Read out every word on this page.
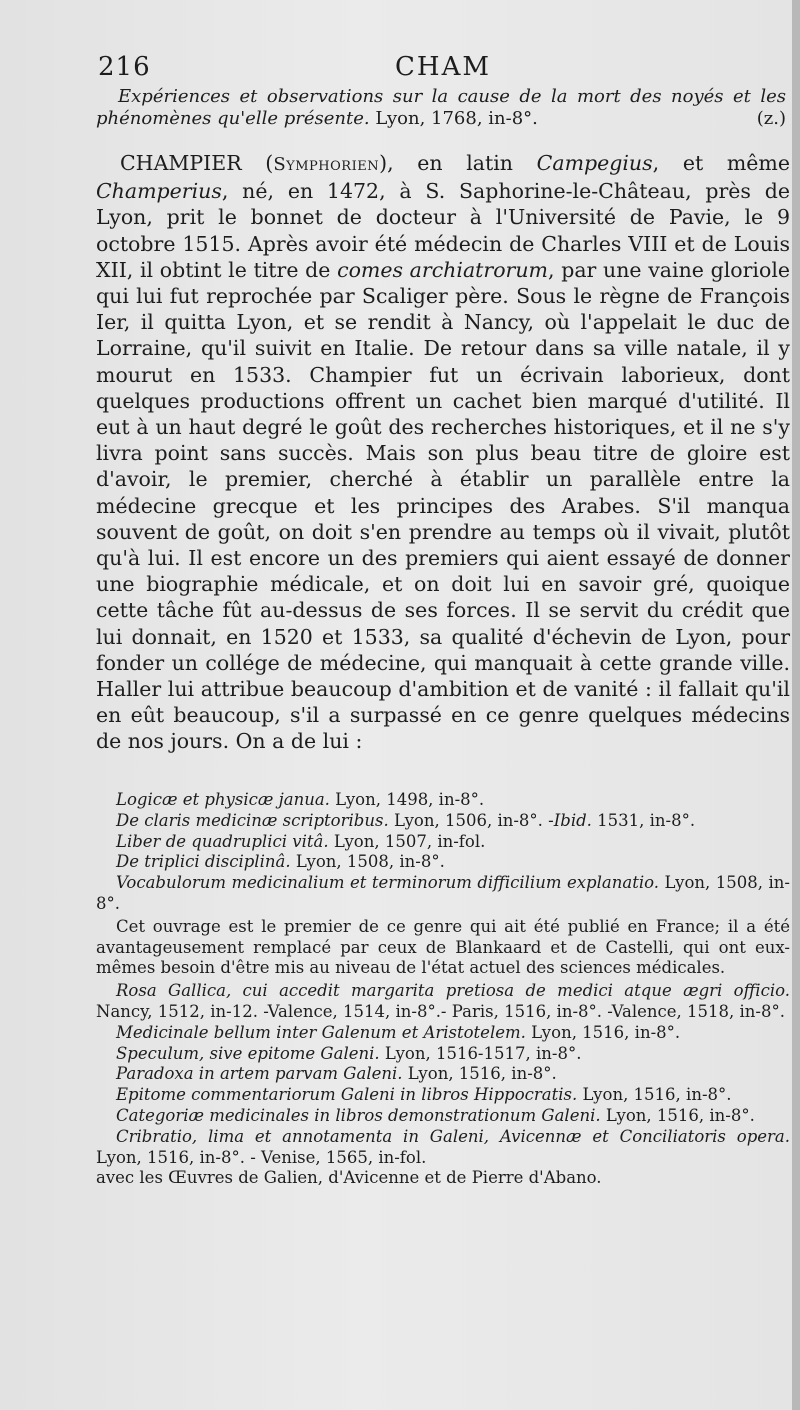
216	CHAM
Expériences et observations sur la cause de la mort des noyés et les phénomènes qu'elle présente. Lyon, 1768, in-8°.	(z.)

CHAMPIER (Symphorien), en latin Campegius, et même Champerius, né, en 1472, à S. Saphorine-le-Château, près de Lyon, prit le bonnet de docteur à l'Université de Pavie, le 9 octobre 1515. Après avoir été médecin de Charles VIII et de Louis XII, il obtint le titre de comes archiatrorum, par une vaine gloriole qui lui fut reprochée par Scaliger père. Sous le règne de François Ier, il quitta Lyon, et se rendit à Nancy, où l'appelait le duc de Lorraine, qu'il suivit en Italie. De retour dans sa ville natale, il y mourut en 1533. Champier fut un écrivain laborieux, dont quelques productions offrent un cachet bien marqué d'utilité. Il eut à un haut degré le goût des recherches historiques, et il ne s'y livra point sans succès. Mais son plus beau titre de gloire est d'avoir, le premier, cherché à établir un parallèle entre la médecine grecque et les principes des Arabes. S'il manqua souvent de goût, on doit s'en prendre au temps où il vivait, plutôt qu'à lui. Il est encore un des premiers qui aient essayé de donner une biographie médicale, et on doit lui en savoir gré, quoique cette tâche fût au-dessus de ses forces. Il se servit du crédit que lui donnait, en 1520 et 1533, sa qualité d'échevin de Lyon, pour fonder un collége de médecine, qui manquait à cette grande ville. Haller lui attribue beaucoup d'ambition et de vanité : il fallait qu'il en eût beaucoup, s'il a surpassé en ce genre quelques médecins de nos jours. On a de lui :

Logicæ et physicæ janua. Lyon, 1498, in-8°.

De claris medicinæ scriptoribus. Lyon, 1506, in-8°. -Ibid. 1531, in-8°.

Liber de quadruplici vitâ. Lyon, 1507, in-fol.

De triplici disciplinâ. Lyon, 1508, in-8°.

Vocabulorum medicinalium et terminorum difficilium explanatio. Lyon, 1508, in-8°.

Cet ouvrage est le premier de ce genre qui ait été publié en France; il a été avantageusement remplacé par ceux de Blankaard et de Castelli, qui ont eux-mêmes besoin d'être mis au niveau de l'état actuel des sciences médicales.

Rosa Gallica, cui accedit margarita pretiosa de medici atque ægri officio. Nancy, 1512, in-12. -Valence, 1514, in-8°.- Paris, 1516, in-8°. -Valence, 1518, in-8°.

Medicinale bellum inter Galenum et Aristotelem. Lyon, 1516, in-8°.

Speculum, sive epitome Galeni. Lyon, 1516-1517, in-8°.

Paradoxa in artem parvam Galeni. Lyon, 1516, in-8°.

Epitome commentariorum Galeni in libros Hippocratis. Lyon, 1516, in-8°.

Categoriæ medicinales in libros demonstrationum Galeni. Lyon, 1516, in-8°.

Cribratio, lima et annotamenta in Galeni, Avicennæ et Conciliatoris opera. Lyon, 1516, in-8°. - Venise, 1565, in-fol.

avec les Œuvres de Galien, d'Avicenne et de Pierre d'Abano.
